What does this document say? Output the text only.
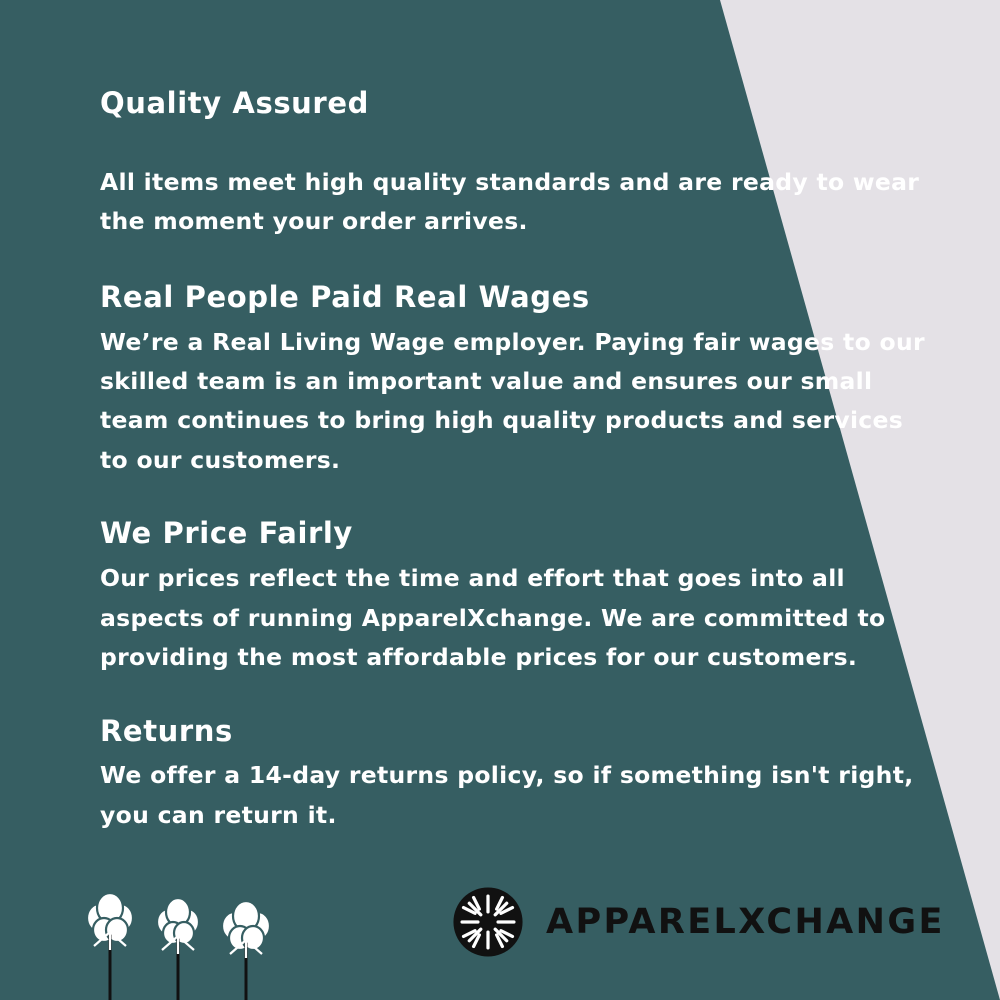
Quality Assured

All items meet high quality standards and are ready to wear the moment your order arrives.

Real People Paid Real Wages

We’re a Real Living Wage employer. Paying fair wages to our skilled team is an important value and ensures our small team continues to bring high quality products and services to our customers.

We Price Fairly

Our prices reflect the time and effort that goes into all aspects of running ApparelXchange. We are committed to providing the most affordable prices for our customers.

Returns

We offer a 14-day returns policy, so if something isn't right, you can return it.

APPARELXCHANGE
